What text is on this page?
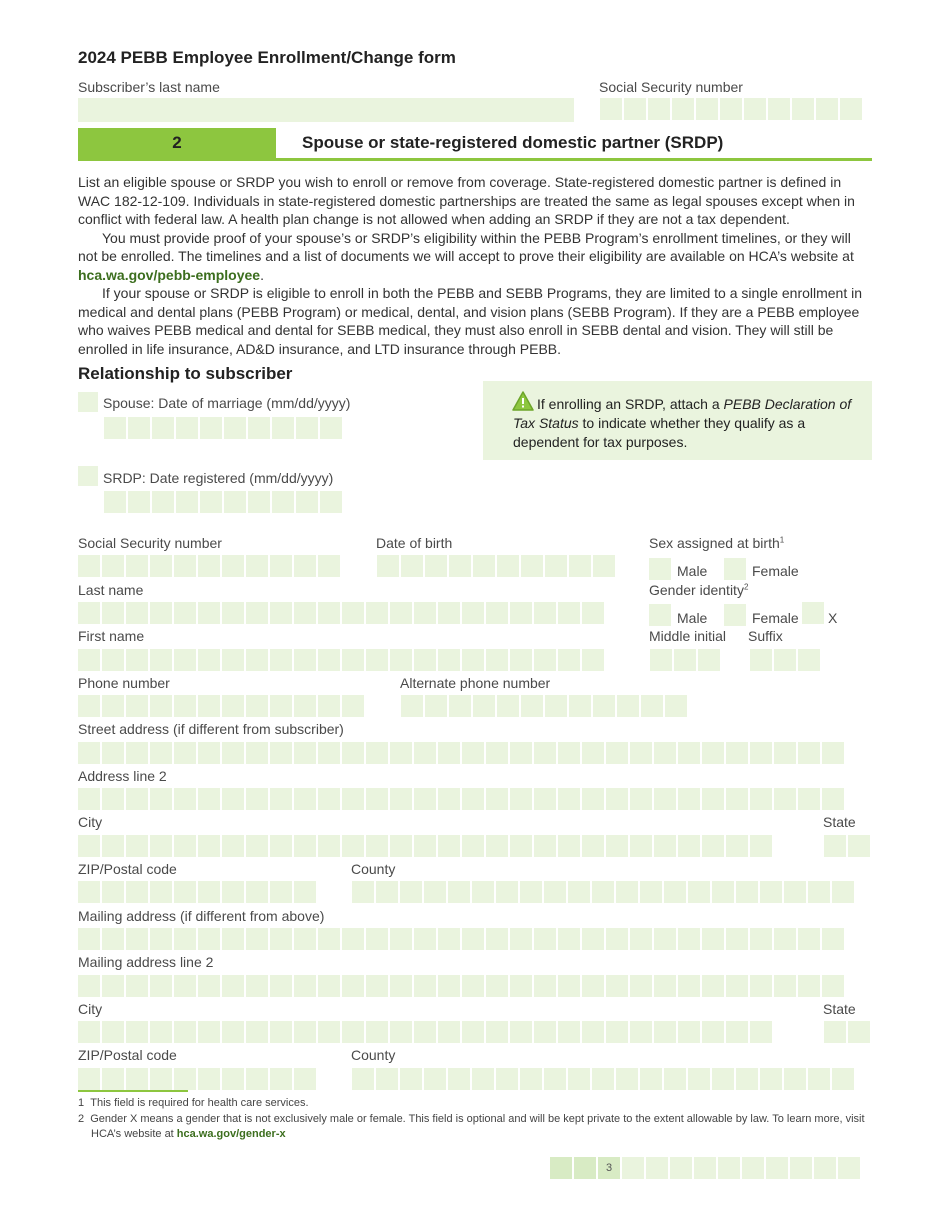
2024 PEBB Employee Enrollment/Change form
Subscriber’s last name	Social Security number
2	Spouse or state-registered domestic partner (SRDP)

List an eligible spouse or SRDP you wish to enroll or remove from coverage. State-registered domestic partner is defined in WAC 182-12-109. Individuals in state-registered domestic partnerships are treated the same as legal spouses except when in conflict with federal law. A health plan change is not allowed when adding an SRDP if they are not a tax dependent.

You must provide proof of your spouse’s or SRDP’s eligibility within the PEBB Program’s enrollment timelines, or they will not be enrolled. The timelines and a list of documents we will accept to prove their eligibility are available on HCA’s website at hca.wa.gov/pebb-employee.

If your spouse or SRDP is eligible to enroll in both the PEBB and SEBB Programs, they are limited to a single enrollment in medical and dental plans (PEBB Program) or medical, dental, and vision plans (SEBB Program). If they are a PEBB employee who waives PEBB medical and dental for SEBB medical, they must also enroll in SEBB dental and vision. They will still be enrolled in life insurance, AD&D insurance, and LTD insurance through PEBB.

Relationship to subscriber
Spouse: Date of marriage (mm/dd/yyyy)
SRDP: Date registered (mm/dd/yyyy)
If enrolling an SRDP, attach a PEBB Declaration of Tax Status to indicate whether they qualify as a dependent for tax purposes.
Social Security number	Date of birth	Sex assigned at birth$^1$
Male	Female
Last name	Gender identity$^2$
Male	Female X
First name	Middle initial Suffix
Phone number	Alternate phone number
Street address (if different from subscriber)
Address line 2
City	State
ZIP/Postal code	County
Mailing address (if different from above)
Mailing address line 2
City	State
ZIP/Postal code	County
1 This field is required for health care services.
2 Gender X means a gender that is not exclusively male or female. This field is optional and will be kept private to the extent allowable by law. To learn more, visit HCA’s website at hca.wa.gov/gender-x
3
